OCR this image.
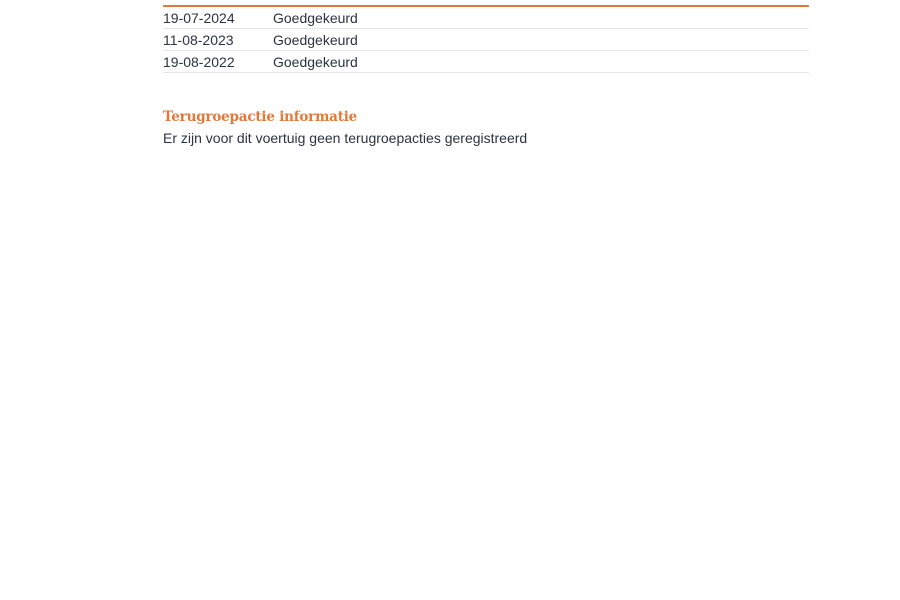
19-07-2024	Goedgekeurd
11-08-2023	Goedgekeurd
19-08-2022	Goedgekeurd
Terugroepactie informatie
Er zijn voor dit voertuig geen terugroepacties geregistreerd
